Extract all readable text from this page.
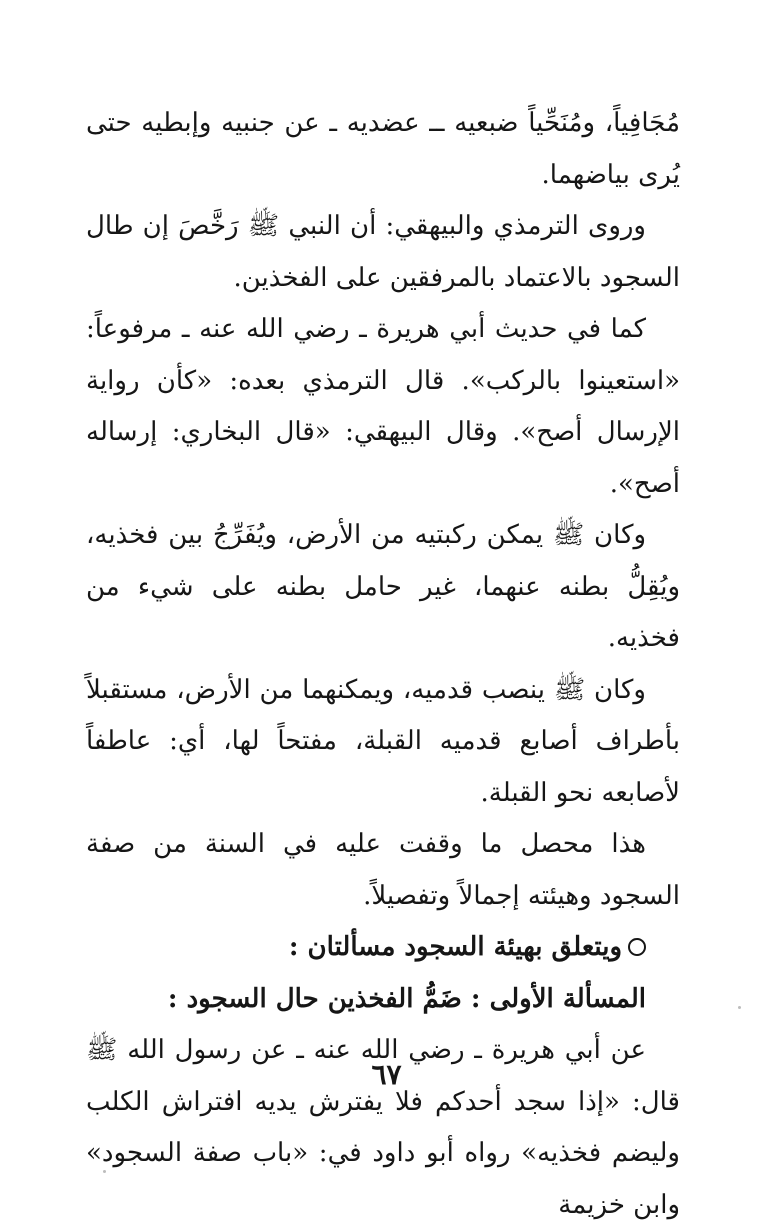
مُجَافِياً، ومُنَحِّياً ضبعيه ــ عضديه ـ عن جنبيه وإبطيه حتى يُرى بياضهما.

وروى الترمذي والبيهقي: أن النبي ﷺ رَخَّصَ إن طال السجود بالاعتماد بالمرفقين على الفخذين.

كما في حديث أبي هريرة ـ رضي الله عنه ـ مرفوعاً: «استعينوا بالركب». قال الترمذي بعده: «كأن رواية الإرسال أصح». وقال البيهقي: «قال البخاري: إرساله أصح».

وكان ﷺ يمكن ركبتيه من الأرض، ويُفَرِّجُ بين فخذيه، ويُقِلُّ بطنه عنهما، غير حامل بطنه على شيء من فخذيه.

وكان ﷺ ينصب قدميه، ويمكنهما من الأرض، مستقبلاً بأطراف أصابع قدميه القبلة، مفتحاً لها، أي: عاطفاً لأصابعه نحو القبلة.

هذا محصل ما وقفت عليه في السنة من صفة السجود وهيئته إجمالاً وتفصيلاً.

ويتعلق بهيئة السجود مسألتان :

المسألة الأولى : ضَمُّ الفخذين حال السجود :

عن أبي هريرة ـ رضي الله عنه ـ عن رسول الله ﷺ قال: «إذا سجد أحدكم فلا يفترش يديه افتراش الكلب وليضم فخذيه» رواه أبو داود في: «باب صفة السجود» وابن خزيمة

٦٧
